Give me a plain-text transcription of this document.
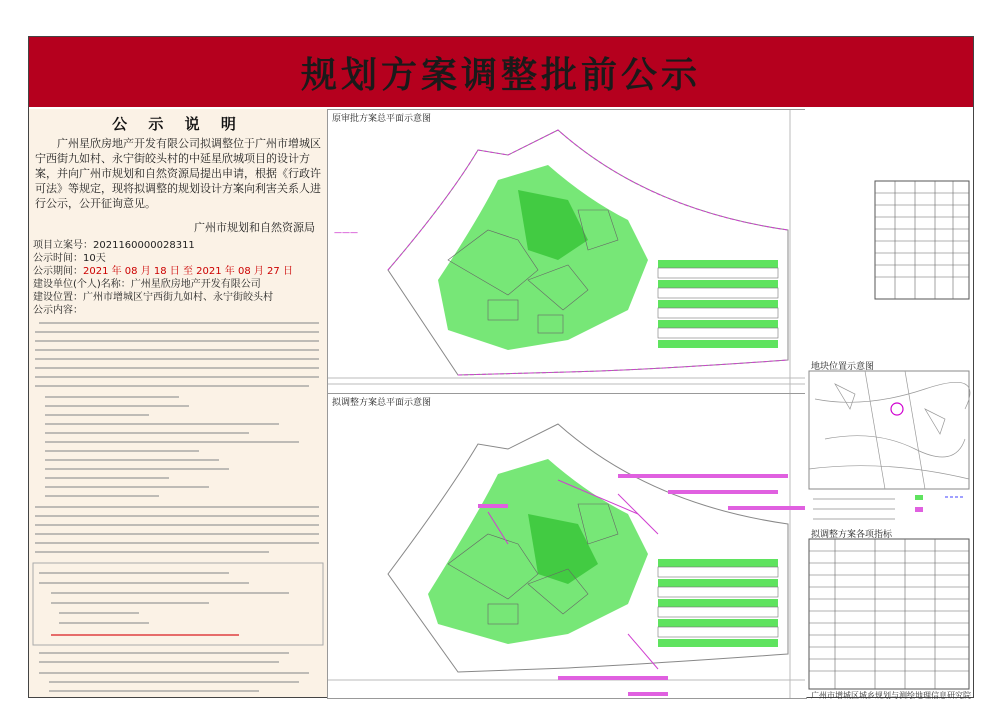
规划方案调整批前公示
公 示 说 明
广州星欣房地产开发有限公司拟调整位于广州市增城区宁西街九如村、永宁街皎头村的中延星欣城项目的设计方案，并向广州市规划和自然资源局提出申请，根据《行政许可法》等规定，现将拟调整的规划设计方案向利害关系人进行公示，公开征询意见。
广州市规划和自然资源局
项目立案号：2021160000028311
公示时间：10天
公示期间：2021 年 08 月 18 日 至 2021 年 08 月 27 日
建设单位(个人)名称：广州星欣房地产开发有限公司
建设位置：广州市增城区宁西街九如村、永宁街皎头村
公示内容：
原审批方案总平面示意图
———
拟调整方案总平面示意图
地块位置示意图
拟调整方案各项指标
广州市增城区城乡规划与测绘地理信息研究院
